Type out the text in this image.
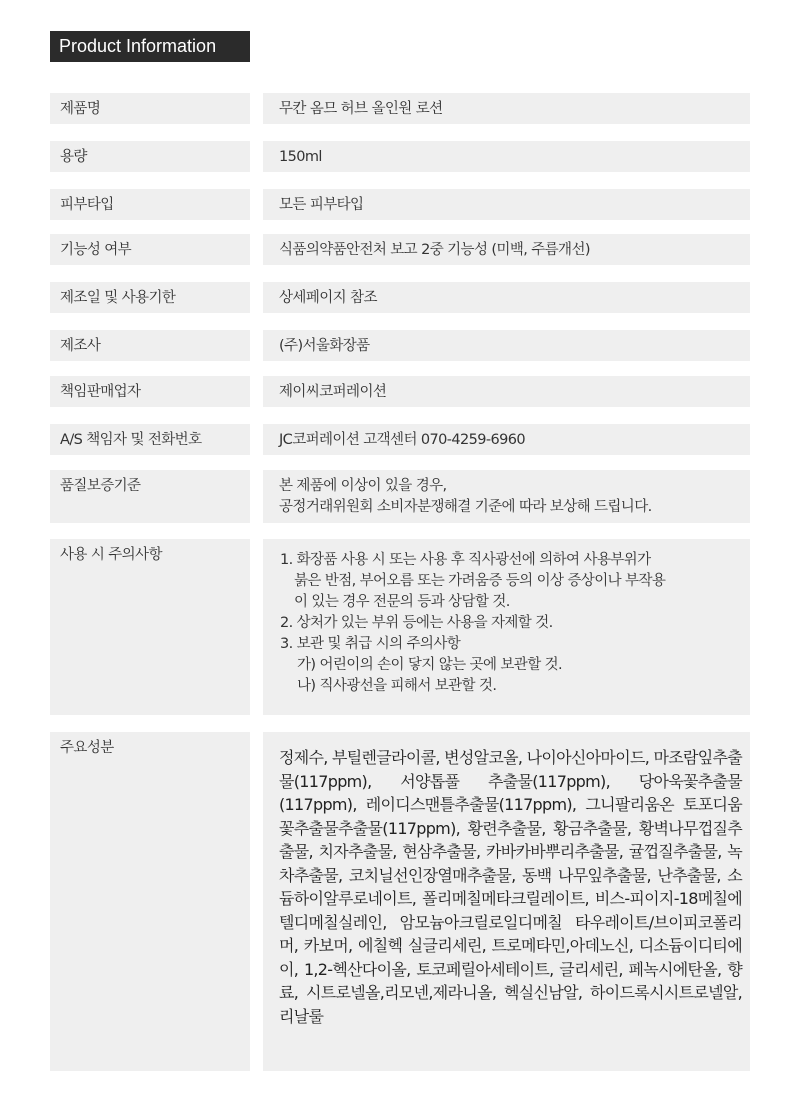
Product Information
제품명	무칸 옴므 허브 올인원 로션
용량	150ml
피부타입	모든 피부타입
기능성 여부	식품의약품안전처 보고 2중 기능성 (미백, 주름개선)
제조일 및 사용기한	상세페이지 참조
제조사	(주)서울화장품
책임판매업자	제이씨코퍼레이션
A/S 책임자 및 전화번호	JC코퍼레이션 고객센터 070-4259-6960
품질보증기준	본 제품에 이상이 있을 경우,
공정거래위원회 소비자분쟁해결 기준에 따라 보상해 드립니다.
사용 시 주의사항	1. 화장품 사용 시 또는 사용 후 직사광선에 의하여 사용부위가
붉은 반점, 부어오름 또는 가려움증 등의 이상 증상이나 부작용
이 있는 경우 전문의 등과 상담할 것.
2. 상처가 있는 부위 등에는 사용을 자제할 것.
3. 보관 및 취급 시의 주의사항
가) 어린이의 손이 닿지 않는 곳에 보관할 것.
나) 직사광선을 피해서 보관할 것.
주요성분	정제수, 부틸렌글라이콜, 변성알코올, 나이아신아마이드, 마조람잎추출물(117ppm), 서양톱풀 추출물(117ppm), 당아욱꽃추출물(117ppm), 레이디스맨틀추출물(117ppm), 그니팔리움온 토포디움꽃추출물추출물(117ppm), 황련추출물, 황금추출물, 황벽나무껍질추출물, 치자추출물, 현삼추출물, 카바카바뿌리추출물, 귤껍질추출물, 녹차추출물, 코치닐선인장열매추출물, 동백 나무잎추출물, 난추출물, 소듐하이알루로네이트, 폴리메칠메타크릴레이트, 비스-피이지-18메칠에텔디메칠실레인, 암모늄아크릴로일디메칠 타우레이트/브이피코폴리머, 카보머, 에칠헥 실글리세린, 트로메타민,아데노신, 디소듐이디티에이, 1,2-헥산다이올, 토코페릴아세테이트, 글리세린, 페녹시에탄올, 향료, 시트로넬올,리모넨,제라니올, 헥실신남알, 하이드록시시트로넬알, 리날룰
